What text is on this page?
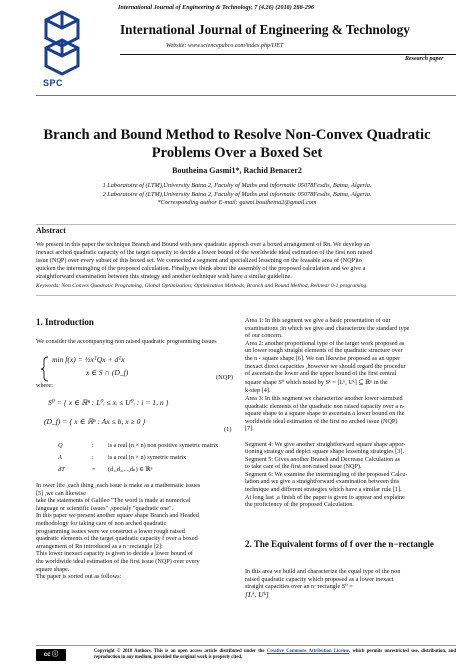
International Journal of Engineering & Technology, 7 (4.26) (2018) 288-296
SPC
International Journal of Engineering & Technology
Website: www.sciencepubco.com/index.php/IJET
Research paper
Branch and Bound Method to Resolve Non-Convex Quadratic
Problems Over a Boxed Set
Boutheina Gasmi1*, Rachid Benacer2
1 Laboratoire of (LTM),University Batna 2, Faculty of Maths and informatic 05078Fesdis, Batna, Algeria.
2 Laboratoire of (LTM),University Batna 2, Faculty of Maths and informatic 05078Fesdis, Batna, Algeria.
*Corresponding author E-mail: gasmi.boutheina2@gmail.com
Abstract
We present in this paper the technique Branch and Bound with new quadratic approch over a boxed arrangement of Rn. We develop an
inexact arched quadratic capacity of the target capacity to decide a lower bound of the worldwide ideal estimation of the first non raised
issue (NQP) over every subset of this boxed set. We connected a segment and specialized lessening on the feasable area of (NQP)to
quicken the intermingling of the proposed calculation. Finally,we think about the assembly of the proposed calculation and we give a
straightforward examination between this strategy and another technique wish have a similar guideline.
Keywords: Non Convex Quadratic Programing, Global Optimization; Optimization Methods, Branch and Bound Method, Belinear 0-1 programing.
1. Introduction
We consider the accompanying non raised quadratic programming issues
min f(x) = ½xᵀQx + dᵀx
x ∈ S ∩ (D_f)
(NQP)
where:
S⁰ = { x ∈ ℝⁿ : L⁰ᵢ ≤ xᵢ ≤ U⁰ᵢ : i = 1, n }
(D_f) = { x ∈ ℝⁿ : Ax ≤ b, x ≥ 0 }
(1)
Q	: is a real (n × n) non positive symetric matrix
A	: is a real (n × n) symetric matrix
dT	= (d₁,d₂,...,dₙ) ∈ ℝⁿ
In ower life ,each thing ,each issue is make as a mathematic issues
[5] ,we can likewise
take the statements of Galileo "The word is made at numerical
language or scientific issues" ,specialy "quadratic one".
In this paper we present another square shape Branch and Headed
methodology for taking care of non arched quadratic
programming issues were we construct a lower rough raised
quadratic elements of the target quadratic capacity f over a boxed
arrangement of Rn introduced as a n−rectangle [2]:
This lower inexact capacity is given to decide a lower bound of
the worldwide ideal estimation of the first issue (NQP) over every
square shape.
The paper is sorted out as follows:
Area 1: In this segment we give a basic presentation of our
examinations ;in which we give and characterize the standard type
of our concern.
Area 2: another proportional type of the target work proposed as
un lower rough straight elements of the quadratic structure over
the n - square shape [6]. We can likewise proposed as an upper
inexact direct capacities ,however we should regard the procedur
of ascertain the lower and the upper bound of the first central
square shape S⁰ which noted by Sᵏ = [Lᵏ, Uᵏ] ⊆ ℝⁿ in the
k-step [4].
Area 3: In this segment we characterize another lower surmised
quadratic elements of the quadratic non raised capacity over a n-
square shape to a square shape to ascertain a lower bound on the
worldwide ideal estimation of the first no arched issue (NQP)
[7].
Segment 4: We give another straightforward square shape appor-
tioning strategy and depict square shape lessening strategies [3].
Segment 5: Gives another Branch and Decrease Calculation as
to take care of the first non raised issue (NQP).
Segment 6: We examine the intermingling of the proposed Calcu-
lation and we give a straightforward examination between this
technique and different strategies which have a similar rule [1].
At long last ,a finish of the paper is given to appear and explaine
the proficiency of the proposed Calculation.
2. The Equivalent forms of f over the n−rectangle
In this area we build and characterize the equal type of the non
raised quadratic capacity which proposed as a lower inexact
straight capacities over an n−rectangle S⁰ =
[Lᵏ, Uᵏ]
cc ⓘ
Copyright © 2018 Authors. This is an open access article distributed under the Creative Commons Attribution License, which permits unrestricted use, distribution, and reproduction in any medium, provided the original work is properly cited.
